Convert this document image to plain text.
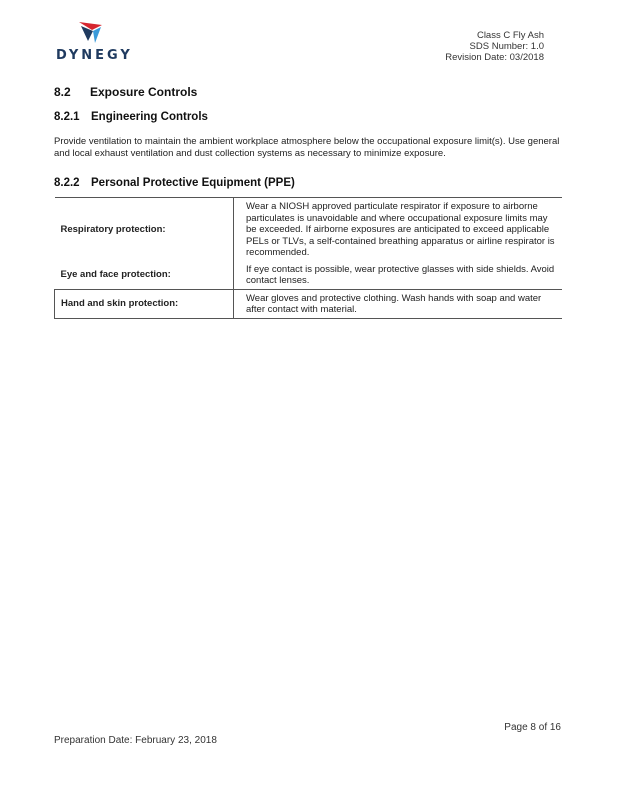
DYNEGY
Class C Fly Ash
SDS Number: 1.0
Revision Date: 03/2018
8.2 Exposure Controls
8.2.1 Engineering Controls
Provide ventilation to maintain the ambient workplace atmosphere below the occupational exposure limit(s). Use general and local exhaust ventilation and dust collection systems as necessary to minimize exposure.
8.2.2 Personal Protective Equipment (PPE)
Respiratory protection:	Wear a NIOSH approved particulate respirator if exposure to airborne particulates is unavoidable and where occupational exposure limits may be exceeded. If airborne exposures are anticipated to exceed applicable PELs or TLVs, a self-contained breathing apparatus or airline respirator is recommended.
Eye and face protection:	If eye contact is possible, wear protective glasses with side shields. Avoid contact lenses.
Hand and skin protection:	Wear gloves and protective clothing. Wash hands with soap and water after contact with material.
Page 8 of 16
Preparation Date: February 23, 2018
